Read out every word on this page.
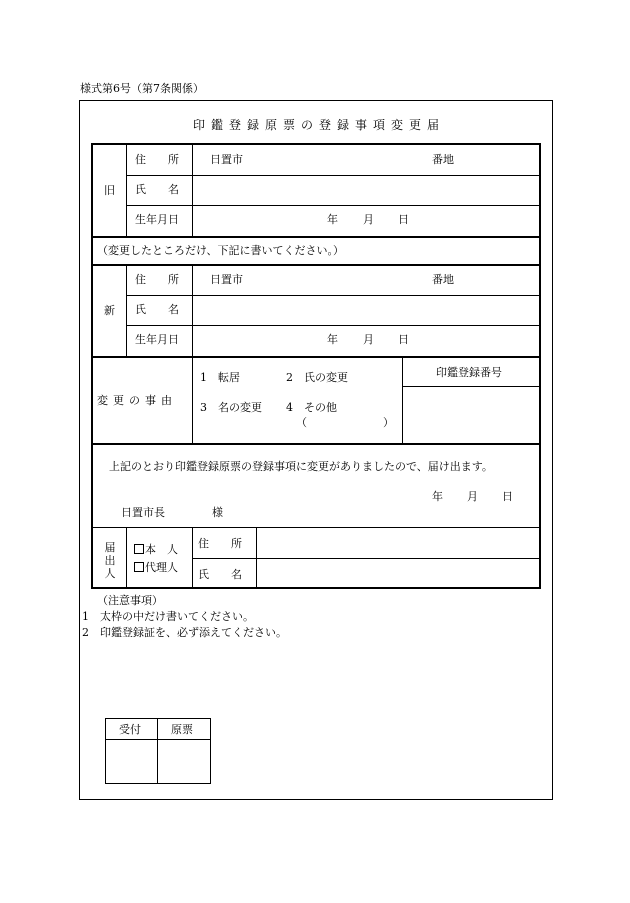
様式第6号（第7条関係）
印鑑登録原票の登録事項変更届
旧
住　　所	日置市	番地
氏　　名
生年月日	年 月 日
（変更したところだけ、下記に書いてください。）
新
住　　所	日置市	番地
氏　　名
生年月日	年 月 日
変更の事由
1　転居	2　氏の変更
3　名の変更 4　その他
（	）
印鑑登録番号
上記のとおり印鑑登録原票の登録事項に変更がありましたので、届け出ます。
年 月 日
日置市長	様
届出人
本　人
代理人
住　　所
氏　　名
（注意事項）
1　太枠の中だけ書いてください。
2　印鑑登録証を、必ず添えてください。
受付	原票
